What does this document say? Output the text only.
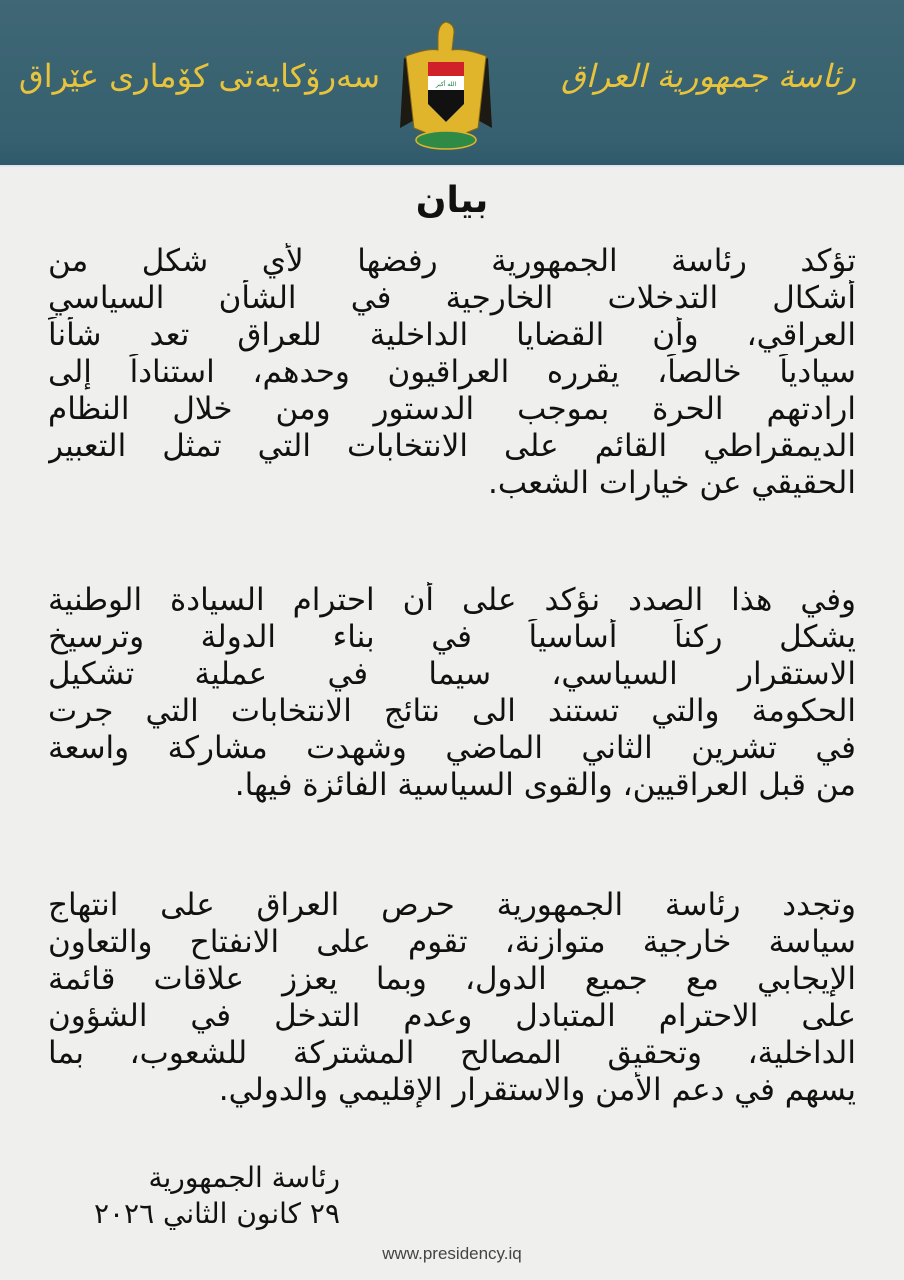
رئاسة جمهورية العراق
سەرۆکایەتی کۆماری عێراق	الله أكبر
بيان
تؤكد رئاسة الجمهورية رفضها لأي شكل من
أشكال التدخلات الخارجية في الشأن السياسي
العراقي، وأن القضايا الداخلية للعراق تعد شأناً
سيادياً خالصاً، يقرره العراقيون وحدهم، استناداً إلى
ارادتهم الحرة بموجب الدستور ومن خلال النظام
الديمقراطي القائم على الانتخابات التي تمثل التعبير
الحقيقي عن خيارات الشعب.
وفي هذا الصدد نؤكد على أن احترام السيادة الوطنية
يشكل ركناً أساسياً في بناء الدولة وترسيخ
الاستقرار السياسي، سيما في عملية تشكيل
الحكومة والتي تستند الى نتائج الانتخابات التي جرت
في تشرين الثاني الماضي وشهدت مشاركة واسعة
من قبل العراقيين، والقوى السياسية الفائزة فيها.
وتجدد رئاسة الجمهورية حرص العراق على انتهاج
سياسة خارجية متوازنة، تقوم على الانفتاح والتعاون
الإيجابي مع جميع الدول، وبما يعزز علاقات قائمة
على الاحترام المتبادل وعدم التدخل في الشؤون
الداخلية، وتحقيق المصالح المشتركة للشعوب، بما
يسهم في دعم الأمن والاستقرار الإقليمي والدولي.
رئاسة الجمهورية
٢٩ كانون الثاني ٢٠٢٦
www.presidency.iq
